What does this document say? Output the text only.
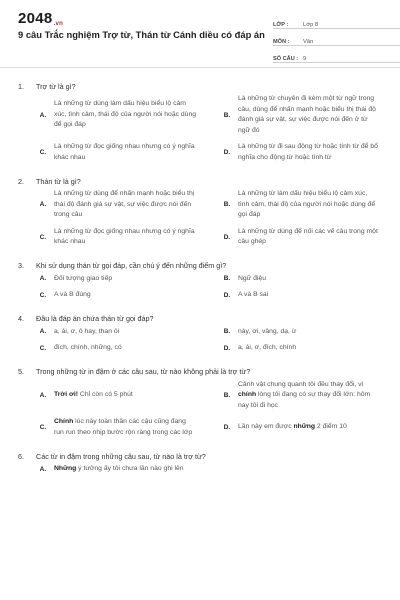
2048.vn
9 câu Trắc nghiệm Trợ từ, Thán từ Cánh diều có đáp án
LỚP :	Lớp 8
MÔN :	Văn
SỐ CÂU : 9
1.	Trợ từ là gì?
A.
Là những từ dùng làm dấu hiệu biểu lộ cảm xúc, tình cảm, thái độ của người nói hoặc dùng để gọi đáp
B.
Là những từ chuyên đi kèm một từ ngữ trong câu, dùng để nhấn mạnh hoặc biểu thị thái độ đánh giá sự vật, sự việc được nói đến ở từ ngữ đó
C.
Là những từ đọc giống nhau nhưng có ý nghĩa khác nhau
D.
Là những từ đi sau động từ hoặc tính từ để bổ nghĩa cho động từ hoặc tính từ
2.	Thán từ là gì?
A.
Là những từ dùng để nhấn mạnh hoặc biểu thị thái độ đánh giá sự vật, sự việc được nói đến trong câu
B.
Là những từ làm dấu hiệu biểu lộ cảm xúc, tình cảm, thái độ của người nói hoặc dùng để gọi đáp
C.
Là những từ đọc giống nhau nhưng có ý nghĩa khác nhau
D.
Là những từ dùng để nối các vế câu trong một câu ghép
3.	Khi sử dụng thán từ gọi đáp, cần chú ý đến những điểm gì?
A.	Đối tượng giao tiếp	B.	Ngữ điệu
C.	A và B đúng	D.	A và B sai
4.	Đâu là đáp án chứa thán từ gọi đáp?
A.	a, ái, ơ, ô hay, than ôi	B.	này, ơi, vâng, dạ, ừ
C.	đích, chính, những, có	D.	a, ái, ơ, đích, chính
5.	Trong những từ in đậm ở các câu sau, từ nào không phải là trợ từ?
A.	Trời ơi! Chỉ còn có 5 phút	B.
Cảnh vật chung quanh tôi đều thay đổi, vì chính lòng tôi đang có sự thay đổi lớn: hôm nay tôi đi học
C.
Chính lúc này toàn thân các cậu cũng đang run run theo nhịp bước rộn ràng trong các lớp
D.	Lần này em được những 2 điểm 10
6.	Các từ in đậm trong những câu sau, từ nào là trợ từ?
A.	Những ý tưởng ấy tôi chưa lần nào ghi lên
